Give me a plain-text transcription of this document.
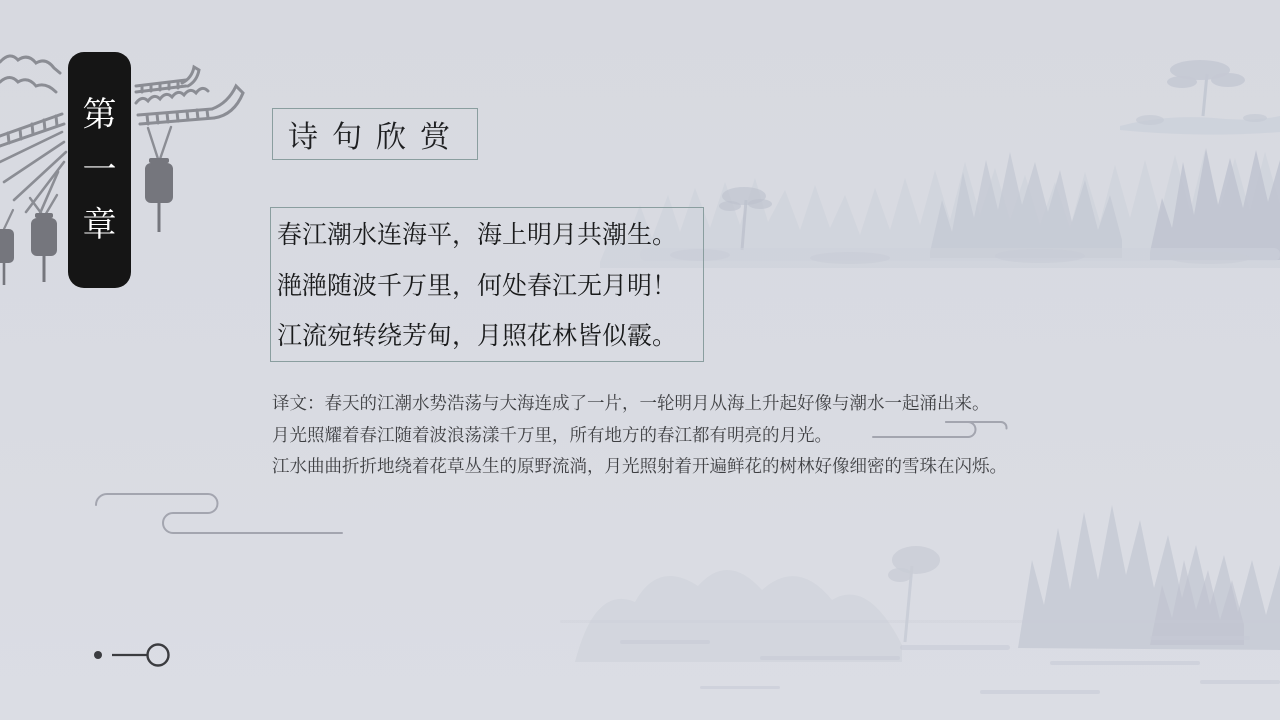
第
一
章
诗句欣赏
春江潮水连海平，海上明月共潮生。
滟滟随波千万里，何处春江无月明！
江流宛转绕芳甸，月照花林皆似霰。
译文：春天的江潮水势浩荡与大海连成了一片，一轮明月从海上升起好像与潮水一起涌出来。
月光照耀着春江随着波浪荡漾千万里，所有地方的春江都有明亮的月光。
江水曲曲折折地绕着花草丛生的原野流淌，月光照射着开遍鲜花的树林好像细密的雪珠在闪烁。
